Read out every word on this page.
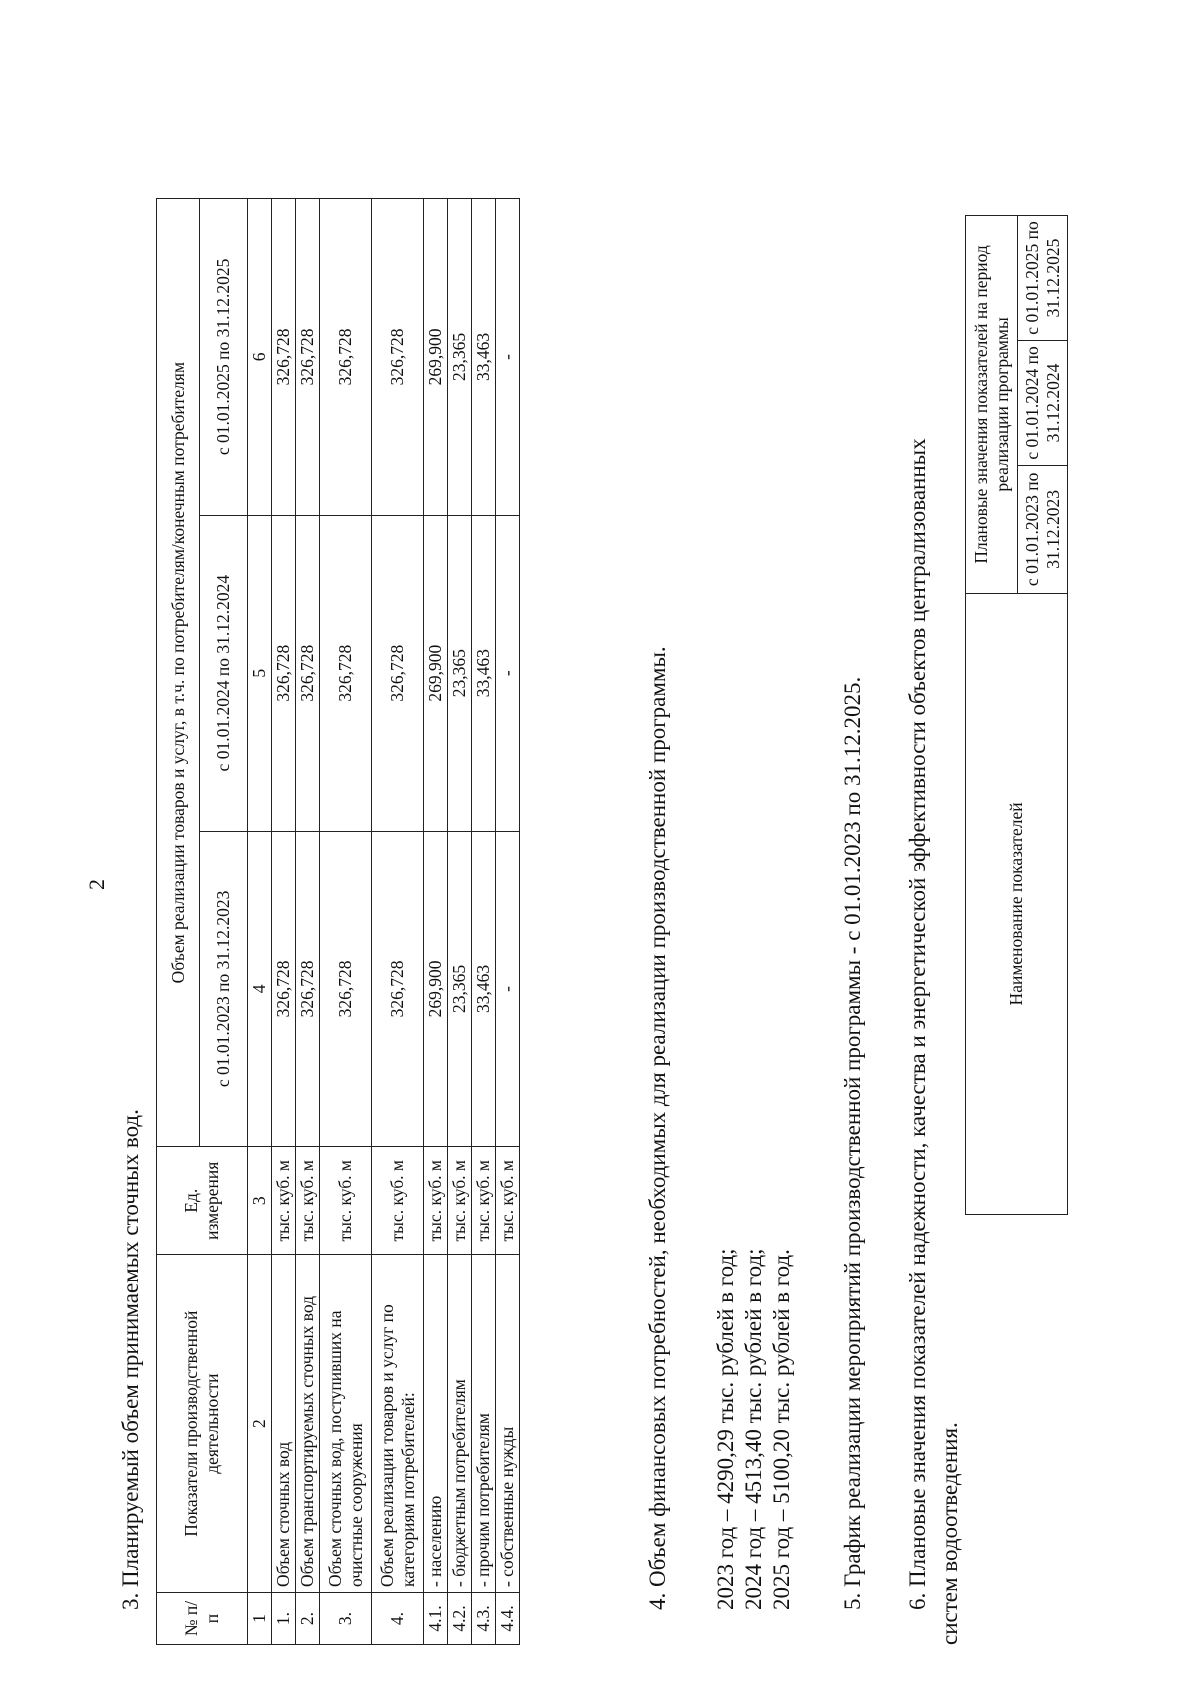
2
3. Планируемый объем принимаемых сточных вод.
№ п/п	Показатели производственной деятельности	Ед. измерения	Объем реализации товаров и услуг, в т.ч. по потребителям/конечным потребителям		
			с 01.01.2023 по 31.12.2023	с 01.01.2024 по 31.12.2024	с 01.01.2025 по 31.12.2025
1	2	3	4	5	6
1.	Объем сточных вод	тыс. куб. м	326,728	326,728	326,728
2.	Объем транспортируемых сточных вод	тыс. куб. м	326,728	326,728	326,728
3.	Объем сточных вод, поступивших на очистные сооружения	тыс. куб. м	326,728	326,728	326,728
4.	Объем реализации товаров и услуг по категориям потребителей:	тыс. куб. м	326,728	326,728	326,728
4.1.	- населению	тыс. куб. м	269,900	269,900	269,900
4.2.	- бюджетным потребителям	тыс. куб. м	23,365	23,365	23,365
4.3.	- прочим потребителям	тыс. куб. м	33,463	33,463	33,463
4.4.	- собственные нужды	тыс. куб. м	-	-	-
4. Объем финансовых потребностей, необходимых для реализации производственной программы. 2023 год – 4290,29 тыс. рублей в год; 2024 год – 4513,40 тыс. рублей в год; 2025 год – 5100,20 тыс. рублей в год. 5. График реализации мероприятий производственной программы - с 01.01.2023 по 31.12.2025. 6. Плановые значения показателей надежности, качества и энергетической эффективности объектов централизованных систем водоотведения.
Наименование показателей	Плановые значения показателей на период реализации программы		
	с 01.01.2023 по 31.12.2023	с 01.01.2024 по 31.12.2024	с 01.01.2025 по 31.12.2025
